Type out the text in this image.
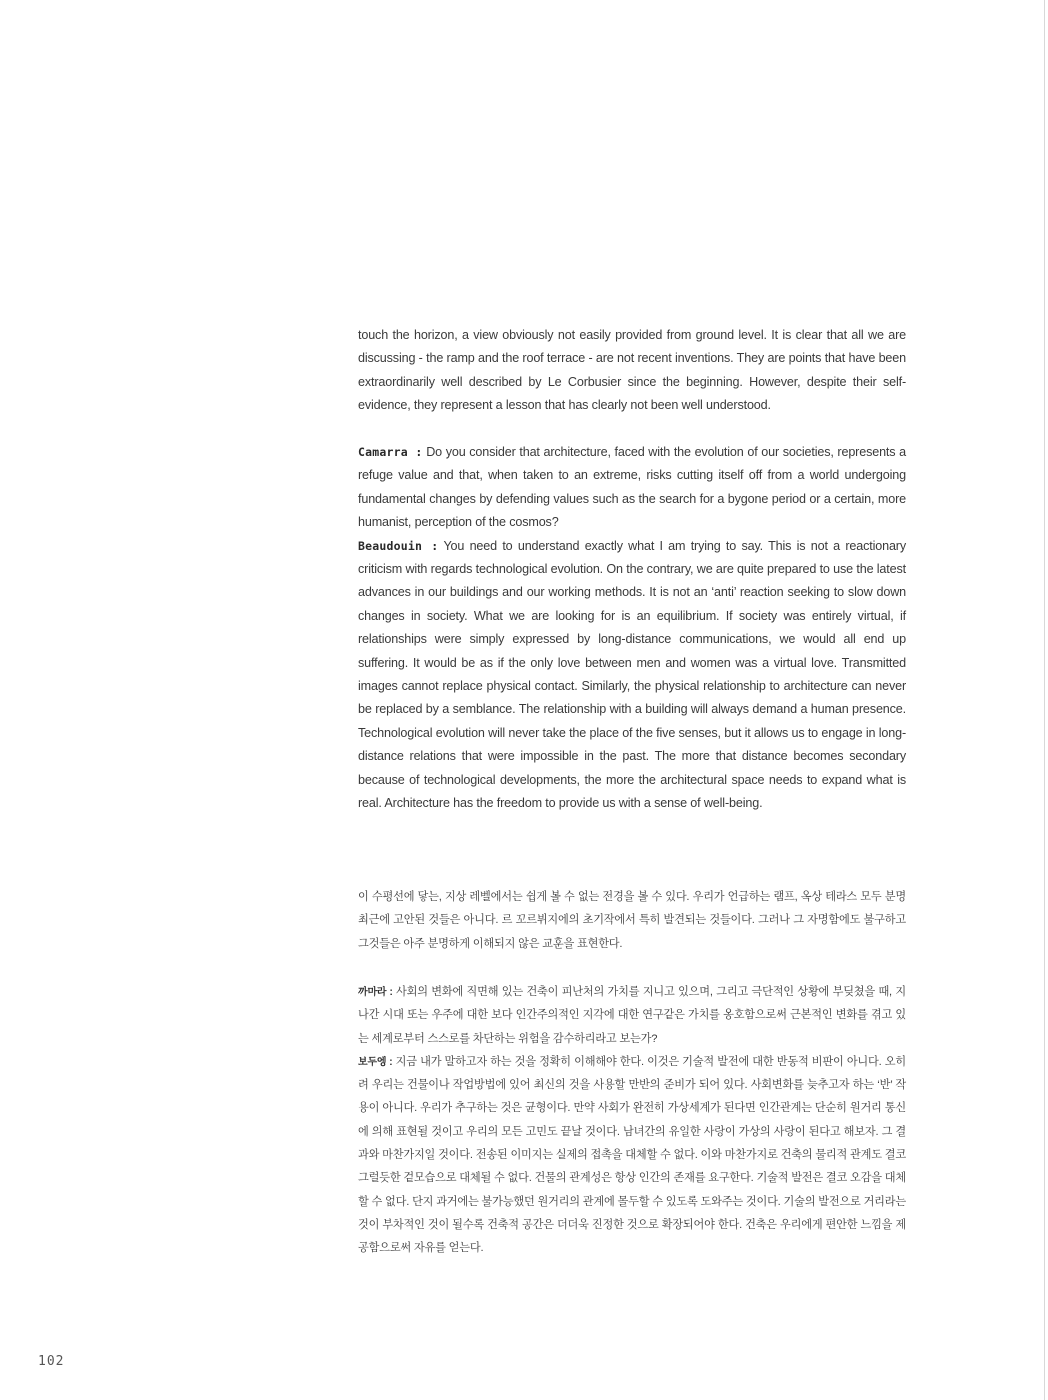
touch the horizon, a view obviously not easily provided from ground level. It is clear that all we are discussing - the ramp and the roof terrace - are not recent inventions. They are points that have been extraordinarily well described by Le Corbusier since the beginning. However, despite their self-evidence, they represent a lesson that has clearly not been well understood.

Camarra : Do you consider that architecture, faced with the evolution of our societies, represents a refuge value and that, when taken to an extreme, risks cutting itself off from a world undergoing fundamental changes by defending values such as the search for a bygone period or a certain, more humanist, perception of the cosmos?

Beaudouin : You need to understand exactly what I am trying to say. This is not a reactionary criticism with regards technological evolution. On the contrary, we are quite prepared to use the latest advances in our buildings and our working methods. It is not an ‘anti’ reaction seeking to slow down changes in society. What we are looking for is an equilibrium. If society was entirely virtual, if relationships were simply expressed by long-distance communications, we would all end up suffering. It would be as if the only love between men and women was a virtual love. Transmitted images cannot replace physical contact. Similarly, the physical relationship to architecture can never be replaced by a semblance. The relationship with a building will always demand a human presence. Technological evolution will never take the place of the five senses, but it allows us to engage in long-distance relations that were impossible in the past. The more that distance becomes secondary because of technological developments, the more the architectural space needs to expand what is real. Architecture has the freedom to provide us with a sense of well-being.

이 수평선에 닿는, 지상 레벨에서는 쉽게 볼 수 없는 전경을 볼 수 있다. 우리가 언급하는 램프, 옥상 테라스 모두 분명 최근에 고안된 것들은 아니다. 르 꼬르뷔지에의 초기작에서 특히 발견되는 것들이다. 그러나 그 자명함에도 불구하고 그것들은 아주 분명하게 이해되지 않은 교훈을 표현한다.

까마라 : 사회의 변화에 직면해 있는 건축이 피난처의 가치를 지니고 있으며, 그리고 극단적인 상황에 부딪쳤을 때, 지나간 시대 또는 우주에 대한 보다 인간주의적인 지각에 대한 연구같은 가치를 옹호함으로써 근본적인 변화를 겪고 있는 세계로부터 스스로를 차단하는 위험을 감수하리라고 보는가?

보두엥 : 지금 내가 말하고자 하는 것을 정확히 이해해야 한다. 이것은 기술적 발전에 대한 반동적 비판이 아니다. 오히려 우리는 건물이나 작업방법에 있어 최신의 것을 사용할 만반의 준비가 되어 있다. 사회변화를 늦추고자 하는 ‘반’ 작용이 아니다. 우리가 추구하는 것은 균형이다. 만약 사회가 완전히 가상세계가 된다면 인간관계는 단순히 원거리 통신에 의해 표현될 것이고 우리의 모든 고민도 끝날 것이다. 남녀간의 유일한 사랑이 가상의 사랑이 된다고 해보자. 그 결과와 마찬가지일 것이다. 전송된 이미지는 실제의 접촉을 대체할 수 없다. 이와 마찬가지로 건축의 물리적 관계도 결코 그럴듯한 겉모습으로 대체될 수 없다. 건물의 관계성은 항상 인간의 존재를 요구한다. 기술적 발전은 결코 오감을 대체할 수 없다. 단지 과거에는 불가능했던 원거리의 관계에 몰두할 수 있도록 도와주는 것이다. 기술의 발전으로 거리라는 것이 부차적인 것이 될수록 건축적 공간은 더더욱 진정한 것으로 확장되어야 한다. 건축은 우리에게 편안한 느낌을 제공함으로써 자유를 얻는다.

102
